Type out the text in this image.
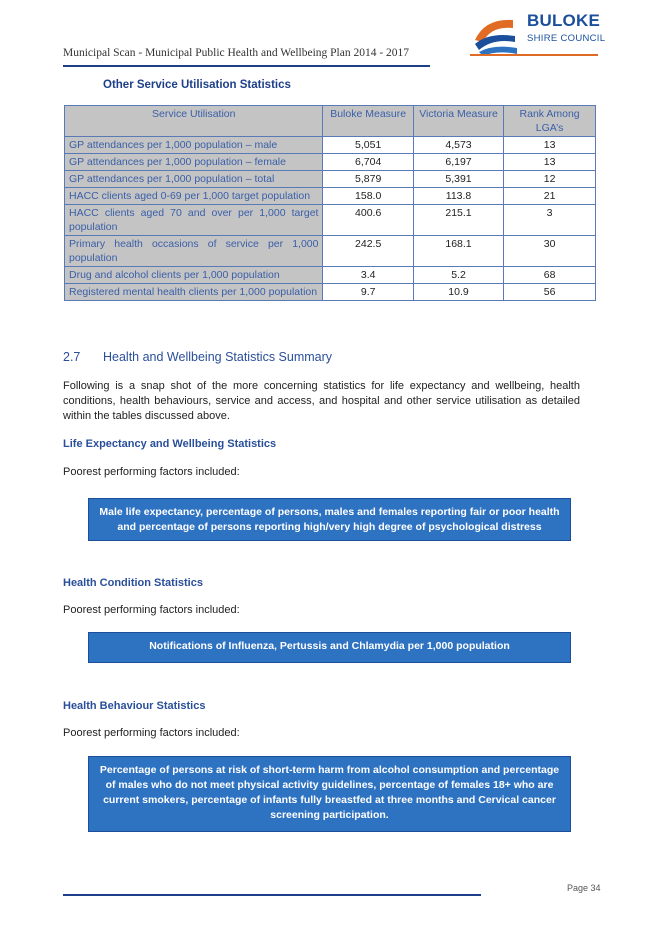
Municipal Scan - Municipal Public Health and Wellbeing Plan 2014 - 2017
BULOKE
SHIRE COUNCIL
Other Service Utilisation Statistics
Service Utilisation	Buloke Measure	Victoria Measure	Rank Among LGA’s
GP attendances per 1,000 population – male	5,051	4,573	13
GP attendances per 1,000 population – female	6,704	6,197	13
GP attendances per 1,000 population – total	5,879	5,391	12
HACC clients aged 0-69 per 1,000 target population	158.0	113.8	21
HACC clients aged 70 and over per 1,000 target population	400.6	215.1	3
Primary health occasions of service per 1,000 population	242.5	168.1	30
Drug and alcohol clients per 1,000 population	3.4	5.2	68
Registered mental health clients per 1,000 population	9.7	10.9	56
2.7 Health and Wellbeing Statistics Summary
Following is a snap shot of the more concerning statistics for life expectancy and wellbeing, health conditions, health behaviours, service and access, and hospital and other service utilisation as detailed within the tables discussed above.
Life Expectancy and Wellbeing Statistics
Poorest performing factors included:
Male life expectancy, percentage of persons, males and females reporting fair or poor health and percentage of persons reporting high/very high degree of psychological distress
Health Condition Statistics
Poorest performing factors included:
Notifications of Influenza, Pertussis and Chlamydia per 1,000 population
Health Behaviour Statistics
Poorest performing factors included:
Percentage of persons at risk of short-term harm from alcohol consumption and percentage of males who do not meet physical activity guidelines, percentage of females 18+ who are current smokers, percentage of infants fully breastfed at three months and Cervical cancer screening participation.
Page 34
